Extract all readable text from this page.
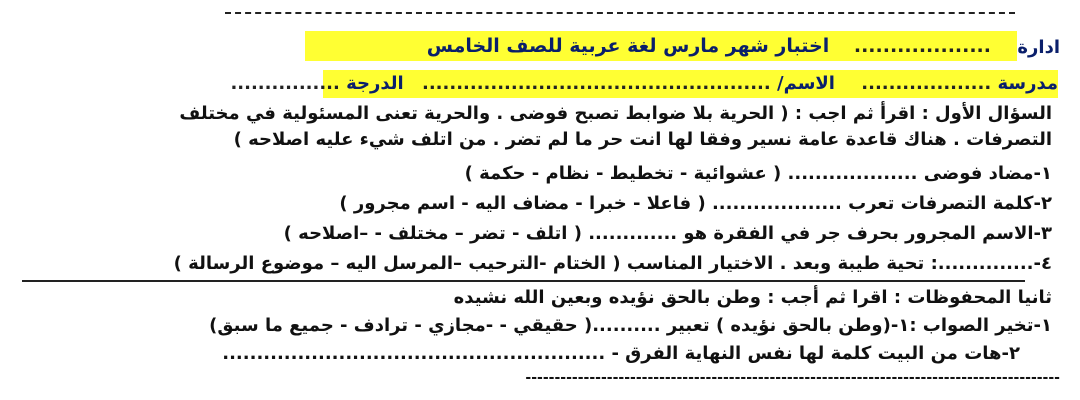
ادارة
................... اختبار شهر مارس لغة عربية للصف الخامس
مدرسة ................... الاسم/ ................................................... الدرجة ................
السؤال الأول : اقرأ ثم اجب : ( الحرية بلا ضوابط تصبح فوضى . والحرية تعنى المسئولية في مختلف
التصرفات . هناك قاعدة عامة نسير وفقا لها انت حر ما لم تضر . من اتلف شيء عليه اصلاحه )
١-مضاد فوضى ................... ( عشوائية - تخطيط - نظام - حكمة )
٢-كلمة التصرفات تعرب ................... ( فاعلا - خبرا - مضاف اليه - اسم مجرور )
٣-الاسم المجرور بحرف جر في الفقرة هو ............. ( اتلف - تضر – مختلف - –اصلاحه )
٤-..............: تحية طيبة وبعد . الاختيار المناسب ( الختام -الترحيب –المرسل اليه – موضوع الرسالة )
ثانيا المحفوظات : اقرا ثم أجب : وطن بالحق نؤيده وبعين الله نشيده
١-تخير الصواب :١-(وطن بالحق نؤيده ) تعبير ..........( حقيقي - -مجازي - ترادف - جميع ما سبق)
٢-هات من البيت كلمة لها نفس النهاية الفرق - ........................................................
--------------------------------------------------------------------------------------------
